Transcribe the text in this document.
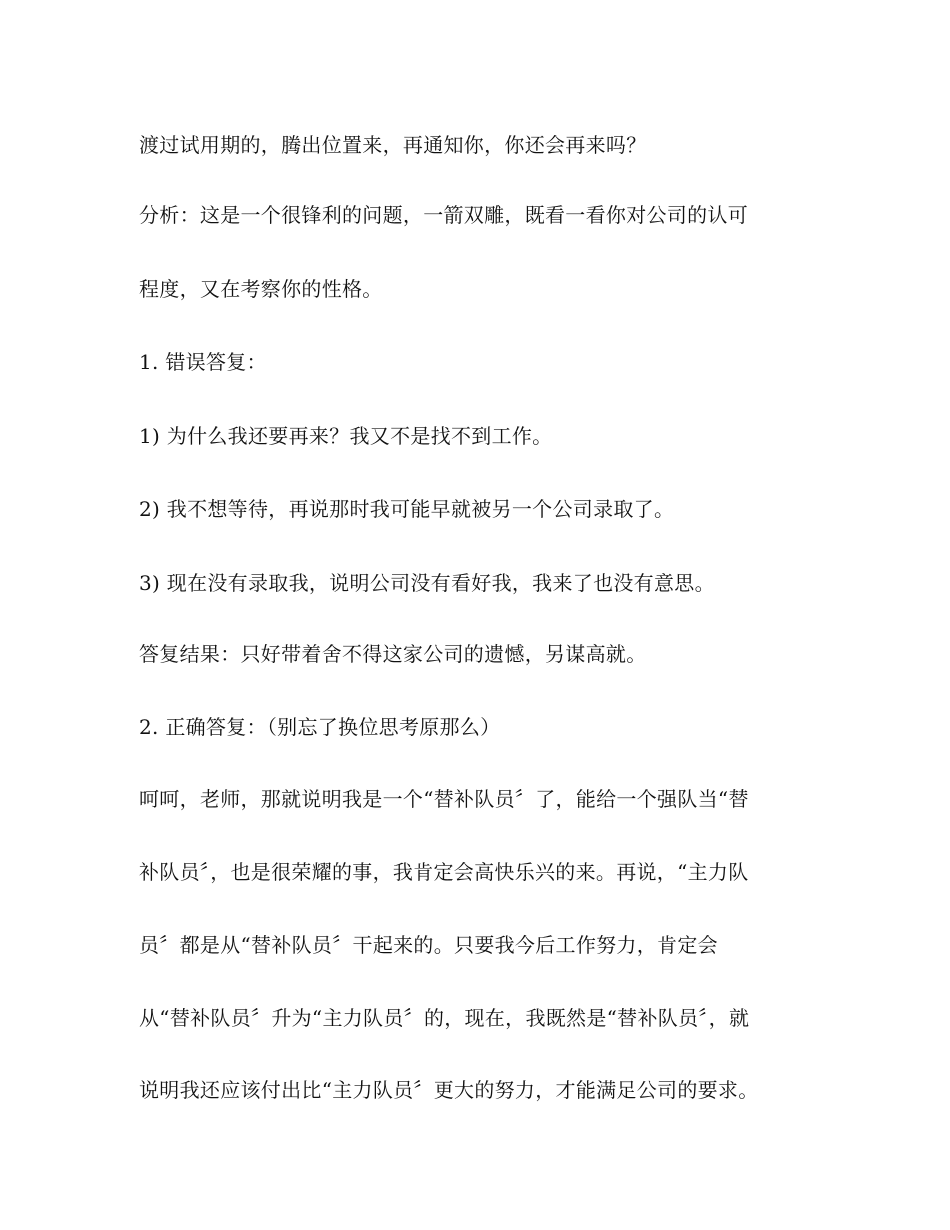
渡过试用期的，腾出位置来，再通知你，你还会再来吗？
分析：这是一个很锋利的问题，一箭双雕，既看一看你对公司的认可
程度，又在考察你的性格。
1. 错误答复：
1) 为什么我还要再来？我又不是找不到工作。
2) 我不想等待，再说那时我可能早就被另一个公司录取了。
3) 现在没有录取我，说明公司没有看好我，我来了也没有意思。
答复结果：只好带着舍不得这家公司的遗憾，另谋高就。
2. 正确答复：（别忘了换位思考原那么）
呵呵，老师，那就说明我是一个“替补队员〞了，能给一个强队当“替
补队员〞，也是很荣耀的事，我肯定会高快乐兴的来。再说，“主力队
员〞都是从“替补队员〞干起来的。只要我今后工作努力，肯定会
从“替补队员〞升为“主力队员〞的，现在，我既然是“替补队员〞，就
说明我还应该付出比“主力队员〞更大的努力，才能满足公司的要求。
